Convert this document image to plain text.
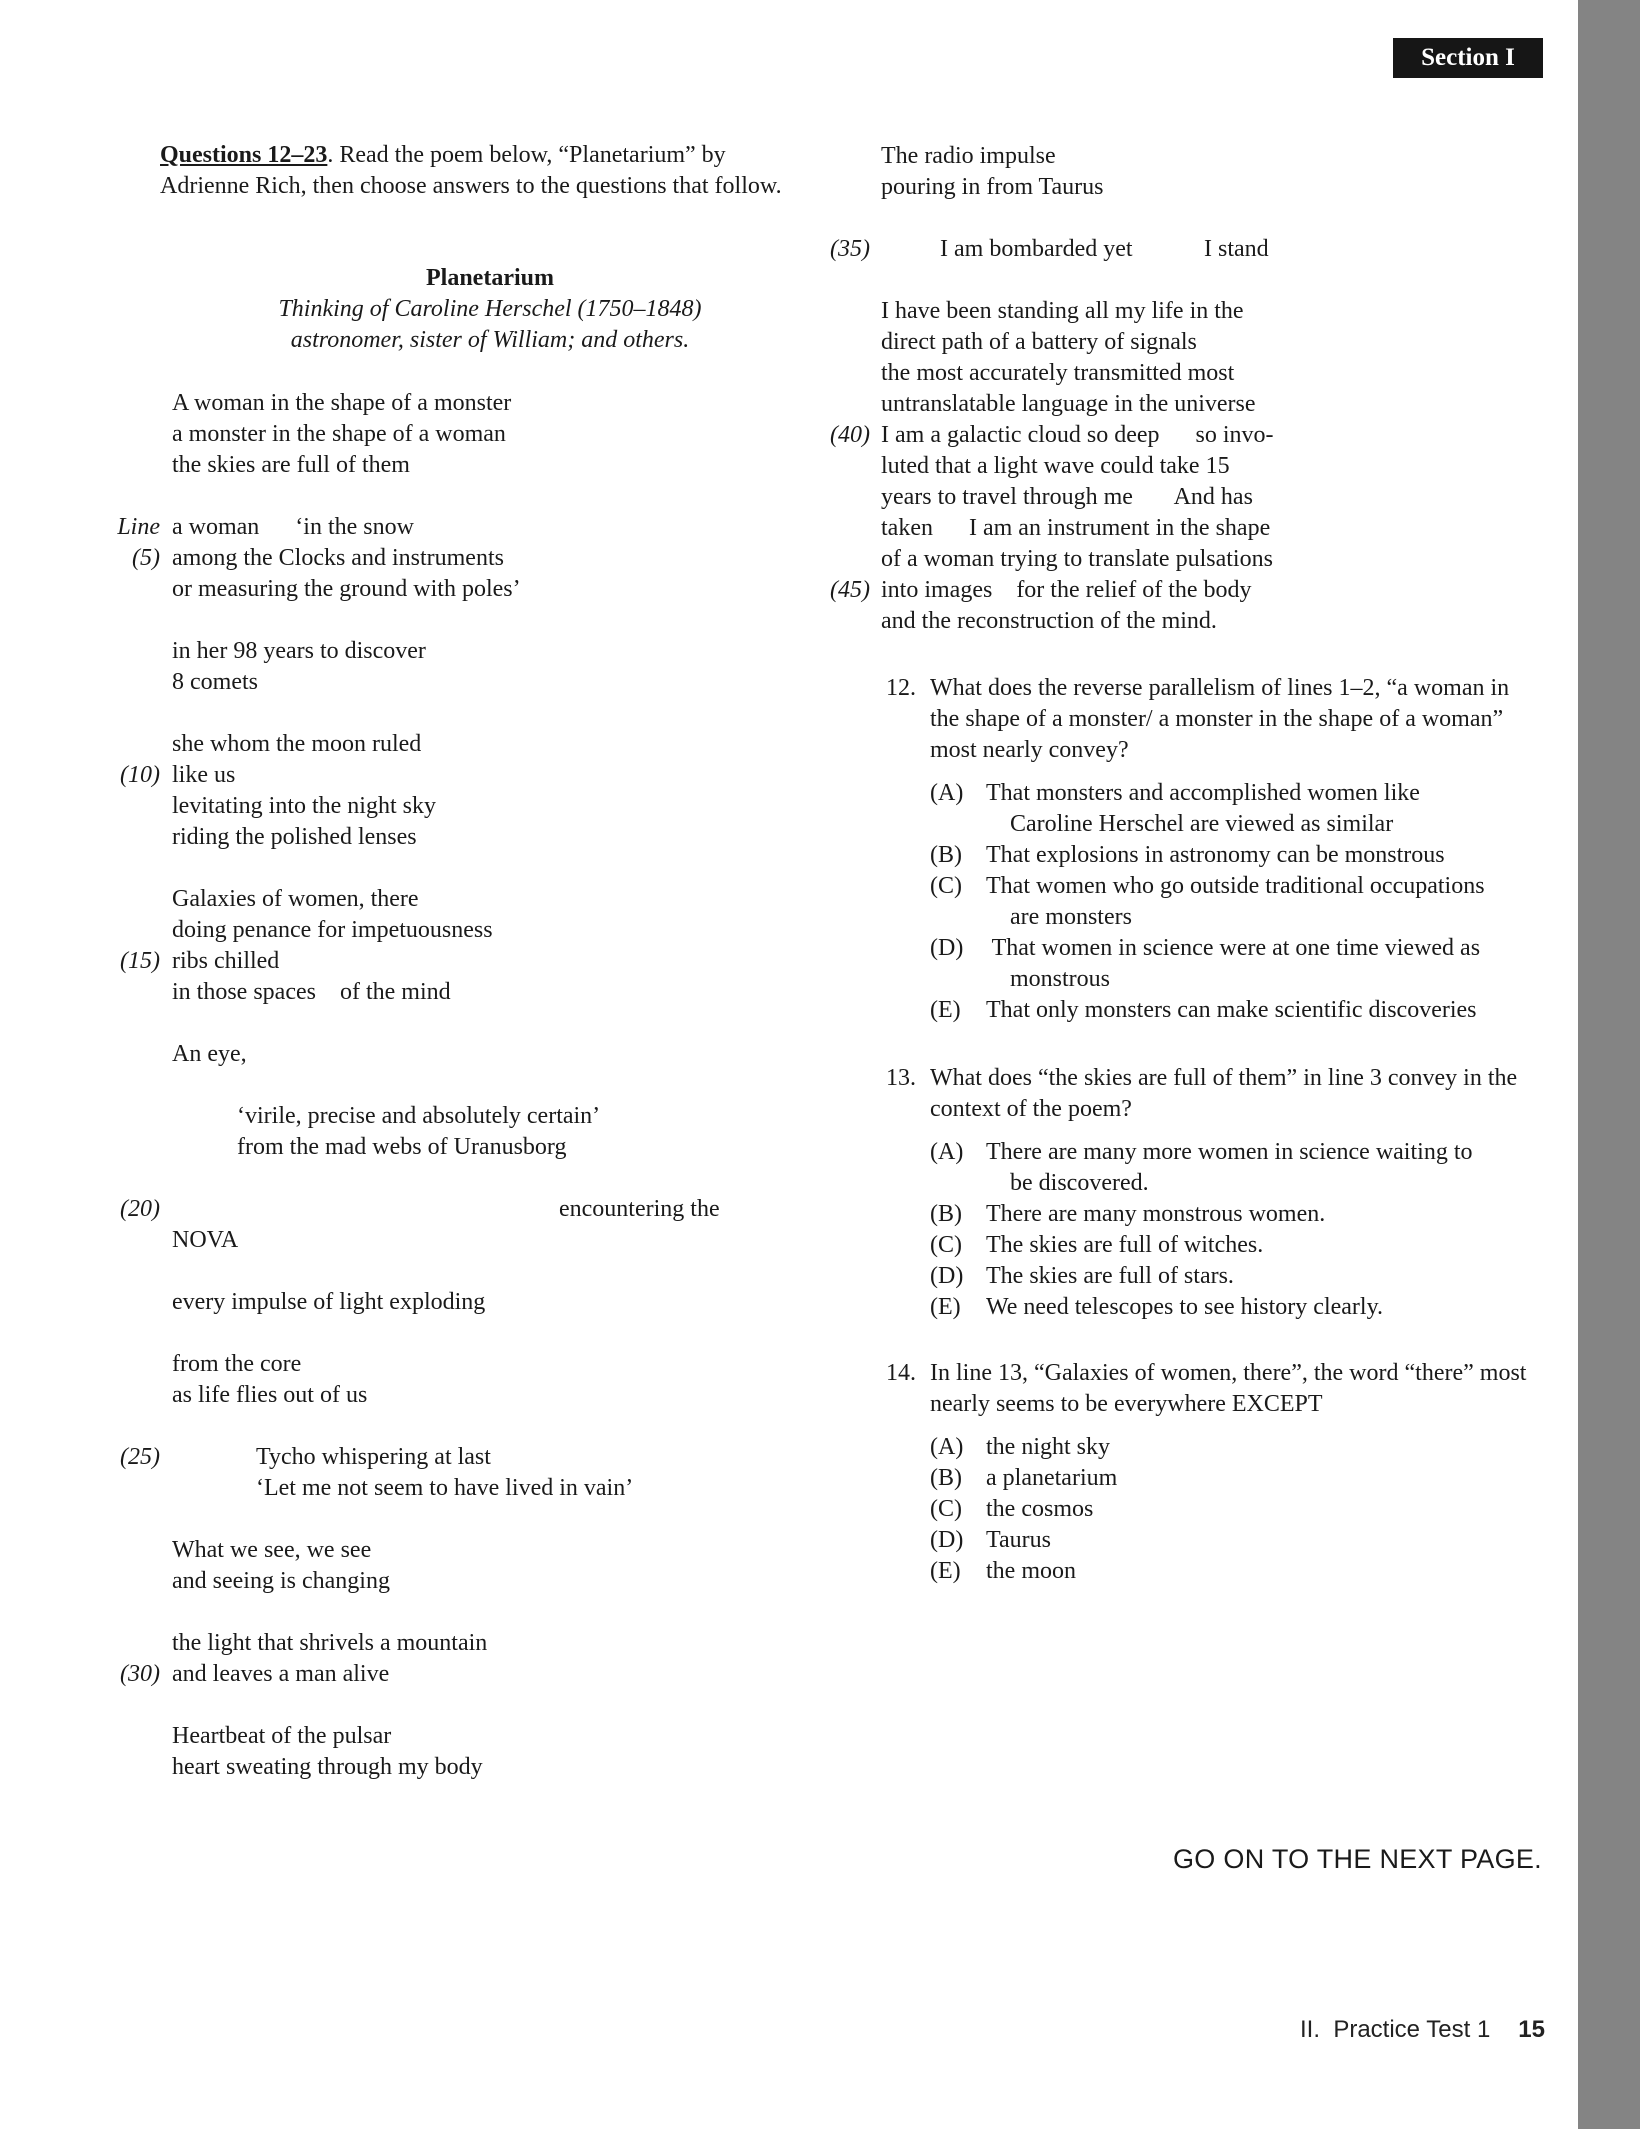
Section I
Questions 12–23. Read the poem below, “Planetarium” by Adrienne Rich, then choose answers to the questions that follow.
Planetarium
Thinking of Caroline Herschel (1750–1848)
astronomer, sister of William; and others.
A woman in the shape of a monster
a monster in the shape of a woman
the skies are full of them
Line a woman      ‘in the snow
(5) among the Clocks and instruments
or measuring the ground with poles’
in her 98 years to discover
8 comets
she whom the moon ruled
(10) like us
levitating into the night sky
riding the polished lenses
Galaxies of women, there
doing penance for impetuousness
(15) ribs chilled
in those spaces    of the mind
An eye,
‘virile, precise and absolutely certain’
from the mad webs of Uranusborg
(20)	encountering the
NOVA
every impulse of light exploding
from the core
as life flies out of us
(25)	Tycho whispering at last
‘Let me not seem to have lived in vain’
What we see, we see
and seeing is changing
the light that shrivels a mountain
(30) and leaves a man alive
Heartbeat of the pulsar
heart sweating through my body
The radio impulse
pouring in from Taurus
(35)	I am bombarded yet	I stand
I have been standing all my life in the
direct path of a battery of signals
the most accurately transmitted most
untranslatable language in the universe
(40) I am a galactic cloud so deep      so invo-
luted that a light wave could take 15
years to travel through me       And has
taken      I am an instrument in the shape
of a woman trying to translate pulsations
(45) into images    for the relief of the body
and the reconstruction of the mind.
12. What does the reverse parallelism of lines 1–2, “a woman in the shape of a monster/ a monster in the shape of a woman” most nearly convey?
(A) That monsters and accomplished women like
Caroline Herschel are viewed as similar
(B) That explosions in astronomy can be monstrous
(C) That women who go outside traditional occupations
are monsters
(D) That women in science were at one time viewed as
monstrous
(E) That only monsters can make scientific discoveries
13. What does “the skies are full of them” in line 3 convey in the context of the poem?
(A) There are many more women in science waiting to
be discovered.
(B) There are many monstrous women.
(C) The skies are full of witches.
(D) The skies are full of stars.
(E) We need telescopes to see history clearly.
14. In line 13, “Galaxies of women, there”, the word “there” most nearly seems to be everywhere EXCEPT
(A) the night sky
(B) a planetarium
(C) the cosmos
(D) Taurus
(E) the moon
GO ON TO THE NEXT PAGE.
II.  Practice Test 1 15
